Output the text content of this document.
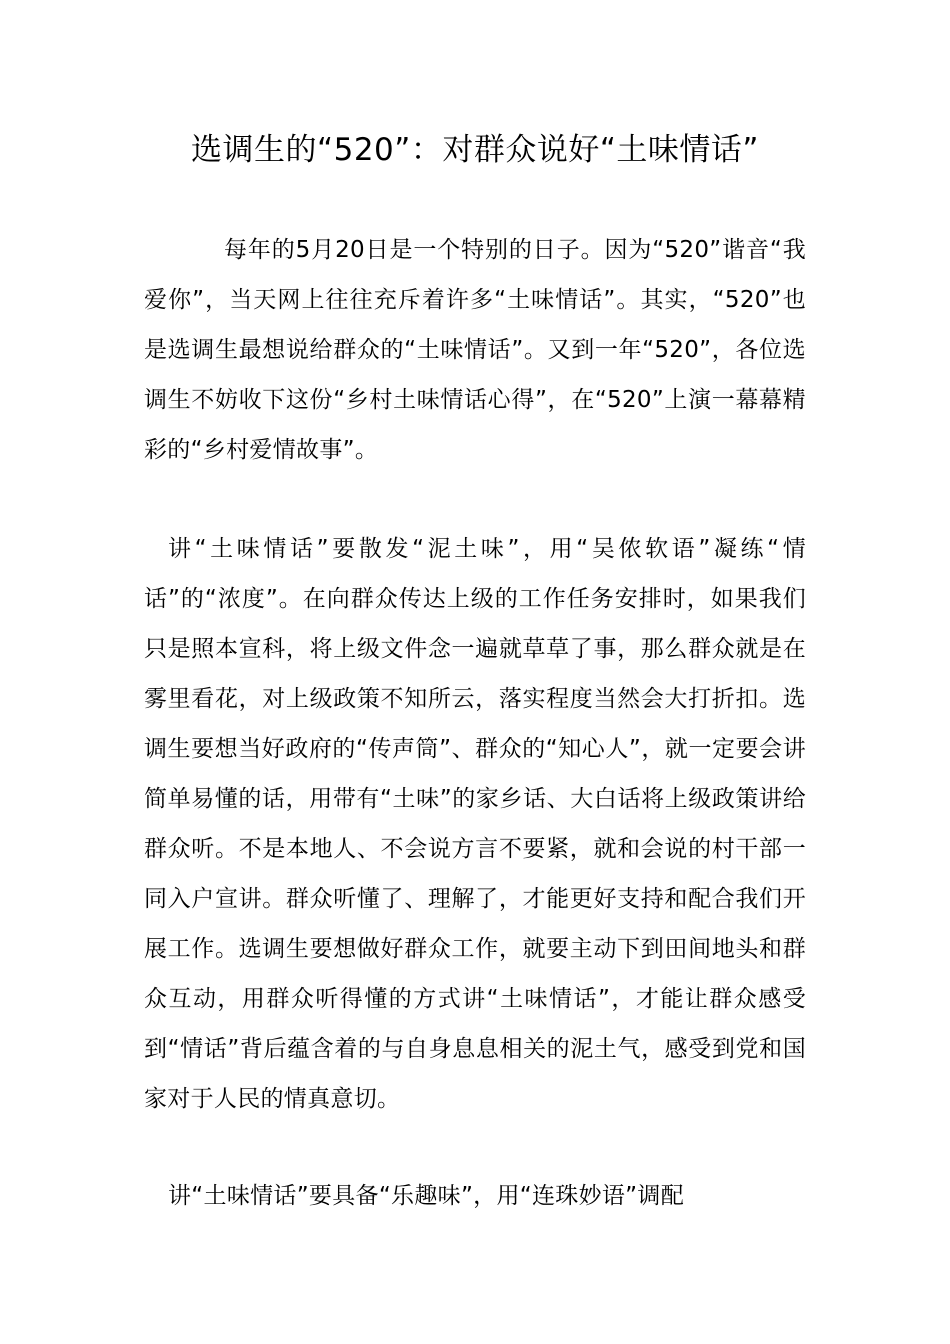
选调生的“520”：对群众说好“土味情话”

每年的5月20日是一个特别的日子。因为“520”谐音“我爱你”，当天网上往往充斥着许多“土味情话”。其实，“520”也是选调生最想说给群众的“土味情话”。又到一年“520”，各位选调生不妨收下这份“乡村土味情话心得”，在“520”上演一幕幕精彩的“乡村爱情故事”。

讲“土味情话”要散发“泥土味”，用“吴侬软语”凝练“情话”的“浓度”。在向群众传达上级的工作任务安排时，如果我们只是照本宣科，将上级文件念一遍就草草了事，那么群众就是在雾里看花，对上级政策不知所云，落实程度当然会大打折扣。选调生要想当好政府的“传声筒”、群众的“知心人”，就一定要会讲简单易懂的话，用带有“土味”的家乡话、大白话将上级政策讲给群众听。不是本地人、不会说方言不要紧，就和会说的村干部一同入户宣讲。群众听懂了、理解了，才能更好支持和配合我们开展工作。选调生要想做好群众工作，就要主动下到田间地头和群众互动，用群众听得懂的方式讲“土味情话”，才能让群众感受到“情话”背后蕴含着的与自身息息相关的泥土气，感受到党和国家对于人民的情真意切。

讲“土味情话”要具备“乐趣味”，用“连珠妙语”调配
